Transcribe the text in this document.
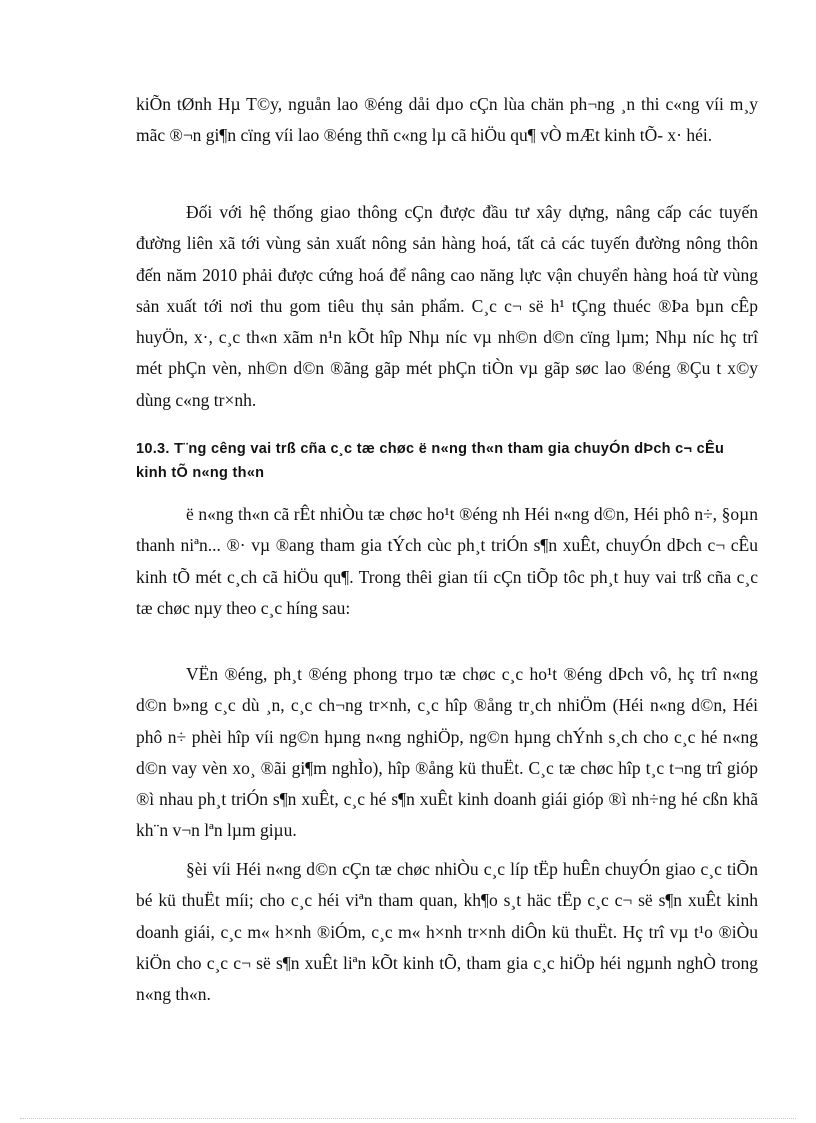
kiÕn tØnh Hµ T©y, nguån lao ®éng dåi dµo cÇn lùa chän ph¬ng ¸n thi c«ng víi m¸y mãc ®¬n gi¶n cïng víi lao ®éng thñ c«ng lµ cã hiÖu qu¶ vÒ mÆt kinh tÕ- x· héi.

Đối với hệ thống giao thông cÇn được đầu tư xây dựng, nâng cấp các tuyến đường liên xã tới vùng sản xuất nông sản hàng hoá, tất cả các tuyến đường nông thôn đến năm 2010 phải được cứng hoá để nâng cao năng lực vận chuyển hàng hoá từ vùng sản xuất tới nơi thu gom tiêu thụ sản phẩm. C¸c c¬ së h¹ tÇng thuéc ®Þa bµn cÊp huyÖn, x·, c¸c th«n xãm n¹n kÕt hîp Nhµ níc vµ nh©n d©n cïng lµm; Nhµ níc hç trî mét phÇn vèn, nh©n d©n ®ãng gãp mét phÇn tiÒn vµ gãp søc lao ®éng ®Çu t x©y dùng c«ng tr×nh.

10.3. T¨ng cêng vai trß cña c¸c tæ chøc ë n«ng th«n tham gia chuyÓn dÞch c¬ cÊu kinh tÕ n«ng th«n

ë n«ng th«n cã rÊt nhiÒu tæ chøc ho¹t ®éng nh Héi n«ng d©n, Héi phô n÷, §oµn thanh niªn... ®· vµ ®ang tham gia tÝch cùc ph¸t triÓn s¶n xuÊt, chuyÓn dÞch c¬ cÊu kinh tÕ mét c¸ch cã hiÖu qu¶. Trong thêi gian tíi cÇn tiÕp tôc ph¸t huy vai trß cña c¸c tæ chøc nµy theo c¸c híng sau:

VËn ®éng, ph¸t ®éng phong trµo tæ chøc c¸c ho¹t ®éng dÞch vô, hç trî n«ng d©n b»ng c¸c dù ¸n, c¸c ch¬ng tr×nh, c¸c hîp ®ång tr¸ch nhiÖm (Héi n«ng d©n, Héi phô n÷ phèi hîp víi ng©n hµng n«ng nghiÖp, ng©n hµng chÝnh s¸ch cho c¸c hé n«ng d©n vay vèn xo¸ ®ãi gi¶m nghÌo), hîp ®ång kü thuËt. C¸c tæ chøc hîp t¸c t¬ng trî gióp ®ì nhau ph¸t triÓn s¶n xuÊt, c¸c hé s¶n xuÊt kinh doanh giái gióp ®ì nh÷ng hé cßn khã kh¨n v¬n lªn lµm giµu.

§èi víi Héi n«ng d©n cÇn tæ chøc nhiÒu c¸c líp tËp huÊn chuyÓn giao c¸c tiÕn bé kü thuËt míi; cho c¸c héi viªn tham quan, kh¶o s¸t häc tËp c¸c c¬ së s¶n xuÊt kinh doanh giái, c¸c m« h×nh ®iÓm, c¸c m« h×nh tr×nh diÔn kü thuËt. Hç trî vµ t¹o ®iÒu kiÖn cho c¸c c¬ së s¶n xuÊt liªn kÕt kinh tÕ, tham gia c¸c hiÖp héi ngµnh nghÒ trong n«ng th«n.
